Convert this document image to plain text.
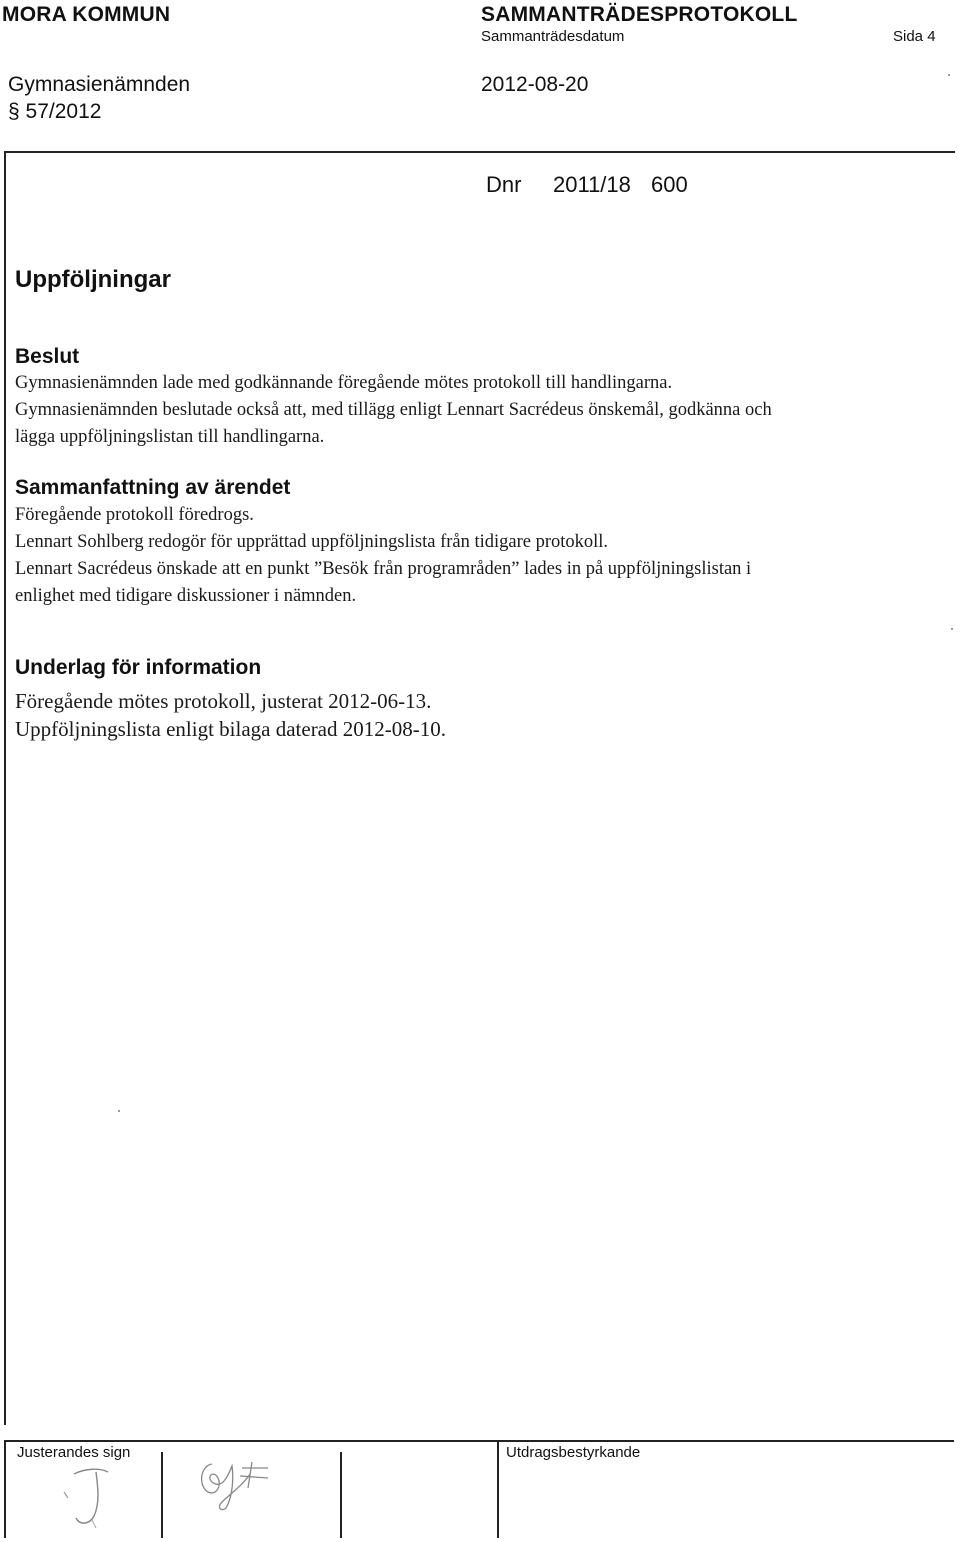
MORA KOMMUN	SAMMANTRÄDESPROTOKOLL
Sammanträdesdatum	Sida 4
Gymnasienämnden	2012-08-20
§ 57/2012
Dnr 2011/18 600
Uppföljningar
Beslut
Gymnasienämnden lade med godkännande föregående mötes protokoll till handlingarna.
Gymnasienämnden beslutade också att, med tillägg enligt Lennart Sacrédeus önskemål, godkänna och
lägga uppföljningslistan till handlingarna.
Sammanfattning av ärendet
Föregående protokoll föredrogs.
Lennart Sohlberg redogör för upprättad uppföljningslista från tidigare protokoll.
Lennart Sacrédeus önskade att en punkt ”Besök från programråden” lades in på uppföljningslistan i
enlighet med tidigare diskussioner i nämnden.
Underlag för information
Föregående mötes protokoll, justerat 2012-06-13.
Uppföljningslista enligt bilaga daterad 2012-08-10.
Justerandes sign	Utdragsbestyrkande
